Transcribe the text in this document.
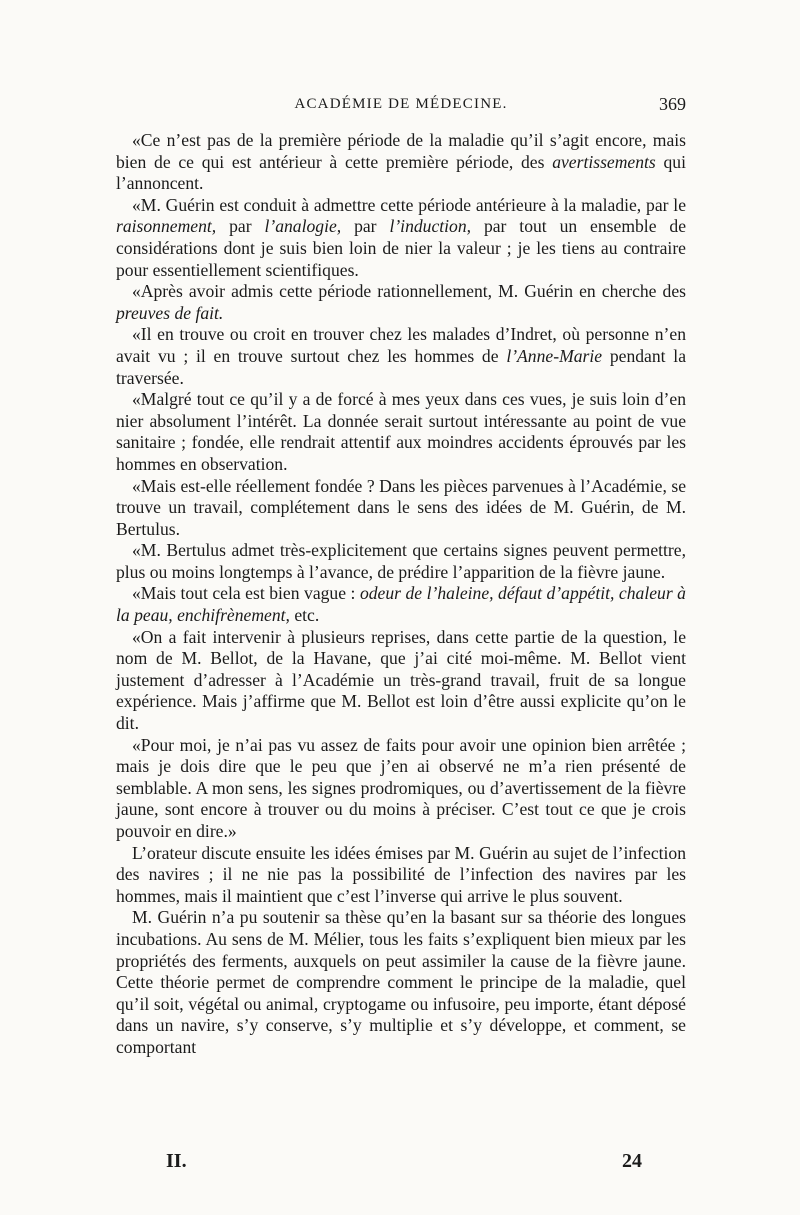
ACADÉMIE DE MÉDECINE.	369

«Ce n’est pas de la première période de la maladie qu’il s’agit encore, mais bien de ce qui est antérieur à cette première période, des avertissements qui l’annoncent.

«M. Guérin est conduit à admettre cette période antérieure à la maladie, par le raisonnement, par l’analogie, par l’induction, par tout un ensemble de considérations dont je suis bien loin de nier la valeur ; je les tiens au contraire pour essentiellement scientifiques.

«Après avoir admis cette période rationnellement, M. Guérin en cherche des preuves de fait.

«Il en trouve ou croit en trouver chez les malades d’Indret, où personne n’en avait vu ; il en trouve surtout chez les hommes de l’Anne-Marie pendant la traversée.

«Malgré tout ce qu’il y a de forcé à mes yeux dans ces vues, je suis loin d’en nier absolument l’intérêt. La donnée serait surtout intéressante au point de vue sanitaire ; fondée, elle rendrait attentif aux moindres accidents éprouvés par les hommes en observation.

«Mais est-elle réellement fondée ? Dans les pièces parvenues à l’Académie, se trouve un travail, complétement dans le sens des idées de M. Guérin, de M. Bertulus.

«M. Bertulus admet très-explicitement que certains signes peuvent permettre, plus ou moins longtemps à l’avance, de prédire l’apparition de la fièvre jaune.

«Mais tout cela est bien vague : odeur de l’haleine, défaut d’appétit, chaleur à la peau, enchifrènement, etc.

«On a fait intervenir à plusieurs reprises, dans cette partie de la question, le nom de M. Bellot, de la Havane, que j’ai cité moi-même. M. Bellot vient justement d’adresser à l’Académie un très-grand travail, fruit de sa longue expérience. Mais j’affirme que M. Bellot est loin d’être aussi explicite qu’on le dit.

«Pour moi, je n’ai pas vu assez de faits pour avoir une opinion bien arrêtée ; mais je dois dire que le peu que j’en ai observé ne m’a rien présenté de semblable. A mon sens, les signes prodromiques, ou d’avertissement de la fièvre jaune, sont encore à trouver ou du moins à préciser. C’est tout ce que je crois pouvoir en dire.»

L’orateur discute ensuite les idées émises par M. Guérin au sujet de l’infection des navires ; il ne nie pas la possibilité de l’infection des navires par les hommes, mais il maintient que c’est l’inverse qui arrive le plus souvent.

M. Guérin n’a pu soutenir sa thèse qu’en la basant sur sa théorie des longues incubations. Au sens de M. Mélier, tous les faits s’expliquent bien mieux par les propriétés des ferments, auxquels on peut assimiler la cause de la fièvre jaune. Cette théorie permet de comprendre comment le principe de la maladie, quel qu’il soit, végétal ou animal, cryptogame ou infusoire, peu importe, étant déposé dans un navire, s’y conserve, s’y multiplie et s’y développe, et comment, se comportant

II.	24
